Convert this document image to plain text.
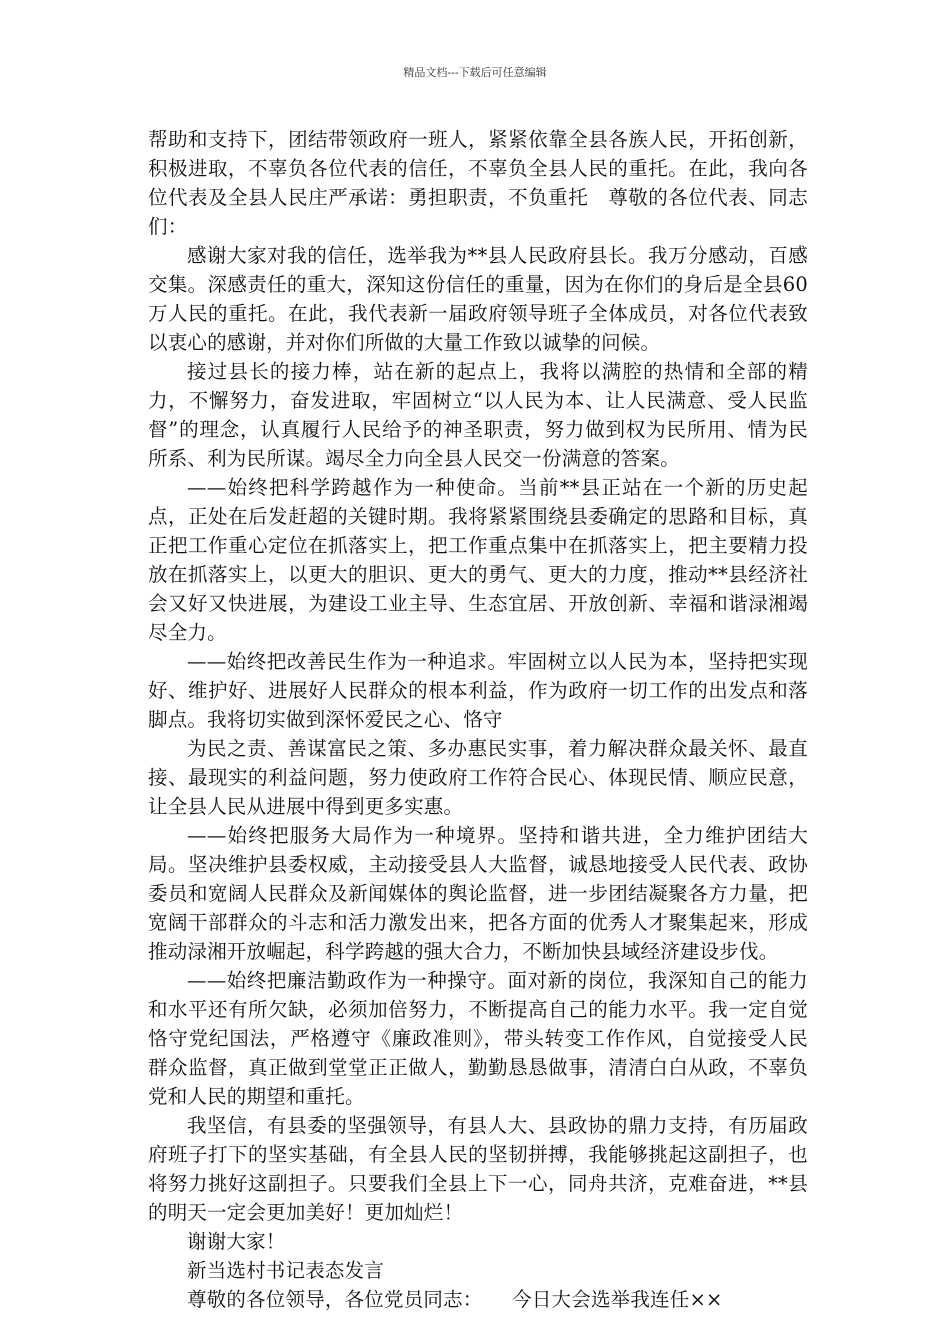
精品文档---下载后可任意编辑

帮助和支持下，团结带领政府一班人，紧紧依靠全县各族人民，开拓创新，积极进取，不辜负各位代表的信任，不辜负全县人民的重托。在此，我向各位代表及全县人民庄严承诺：勇担职责，不负重托　尊敬的各位代表、同志们：

感谢大家对我的信任，选举我为**县人民政府县长。我万分感动，百感交集。深感责任的重大，深知这份信任的重量，因为在你们的身后是全县60万人民的重托。在此，我代表新一届政府领导班子全体成员，对各位代表致以衷心的感谢，并对你们所做的大量工作致以诚挚的问候。

接过县长的接力棒，站在新的起点上，我将以满腔的热情和全部的精力，不懈努力，奋发进取，牢固树立“以人民为本、让人民满意、受人民监督”的理念，认真履行人民给予的神圣职责，努力做到权为民所用、情为民所系、利为民所谋。竭尽全力向全县人民交一份满意的答案。

——始终把科学跨越作为一种使命。当前**县正站在一个新的历史起点，正处在后发赶超的关键时期。我将紧紧围绕县委确定的思路和目标，真正把工作重心定位在抓落实上，把工作重点集中在抓落实上，把主要精力投放在抓落实上，以更大的胆识、更大的勇气、更大的力度，推动**县经济社会又好又快进展，为建设工业主导、生态宜居、开放创新、幸福和谐渌湘竭尽全力。

——始终把改善民生作为一种追求。牢固树立以人民为本，坚持把实现好、维护好、进展好人民群众的根本利益，作为政府一切工作的出发点和落脚点。我将切实做到深怀爱民之心、恪守

为民之责、善谋富民之策、多办惠民实事，着力解决群众最关怀、最直接、最现实的利益问题，努力使政府工作符合民心、体现民情、顺应民意，让全县人民从进展中得到更多实惠。

——始终把服务大局作为一种境界。坚持和谐共进，全力维护团结大局。坚决维护县委权威，主动接受县人大监督，诚恳地接受人民代表、政协委员和宽阔人民群众及新闻媒体的舆论监督，进一步团结凝聚各方力量，把宽阔干部群众的斗志和活力激发出来，把各方面的优秀人才聚集起来，形成推动渌湘开放崛起，科学跨越的强大合力，不断加快县域经济建设步伐。

——始终把廉洁勤政作为一种操守。面对新的岗位，我深知自己的能力和水平还有所欠缺，必须加倍努力，不断提高自己的能力水平。我一定自觉恪守党纪国法，严格遵守《廉政准则》，带头转变工作作风，自觉接受人民群众监督，真正做到堂堂正正做人，勤勤恳恳做事，清清白白从政，不辜负党和人民的期望和重托。

我坚信，有县委的坚强领导，有县人大、县政协的鼎力支持，有历届政府班子打下的坚实基础，有全县人民的坚韧拼搏，我能够挑起这副担子，也将努力挑好这副担子。只要我们全县上下一心，同舟共济，克难奋进，**县的明天一定会更加美好！更加灿烂！

谢谢大家！

新当选村书记表态发言

尊敬的各位领导，各位党员同志：　　今日大会选举我连任××
